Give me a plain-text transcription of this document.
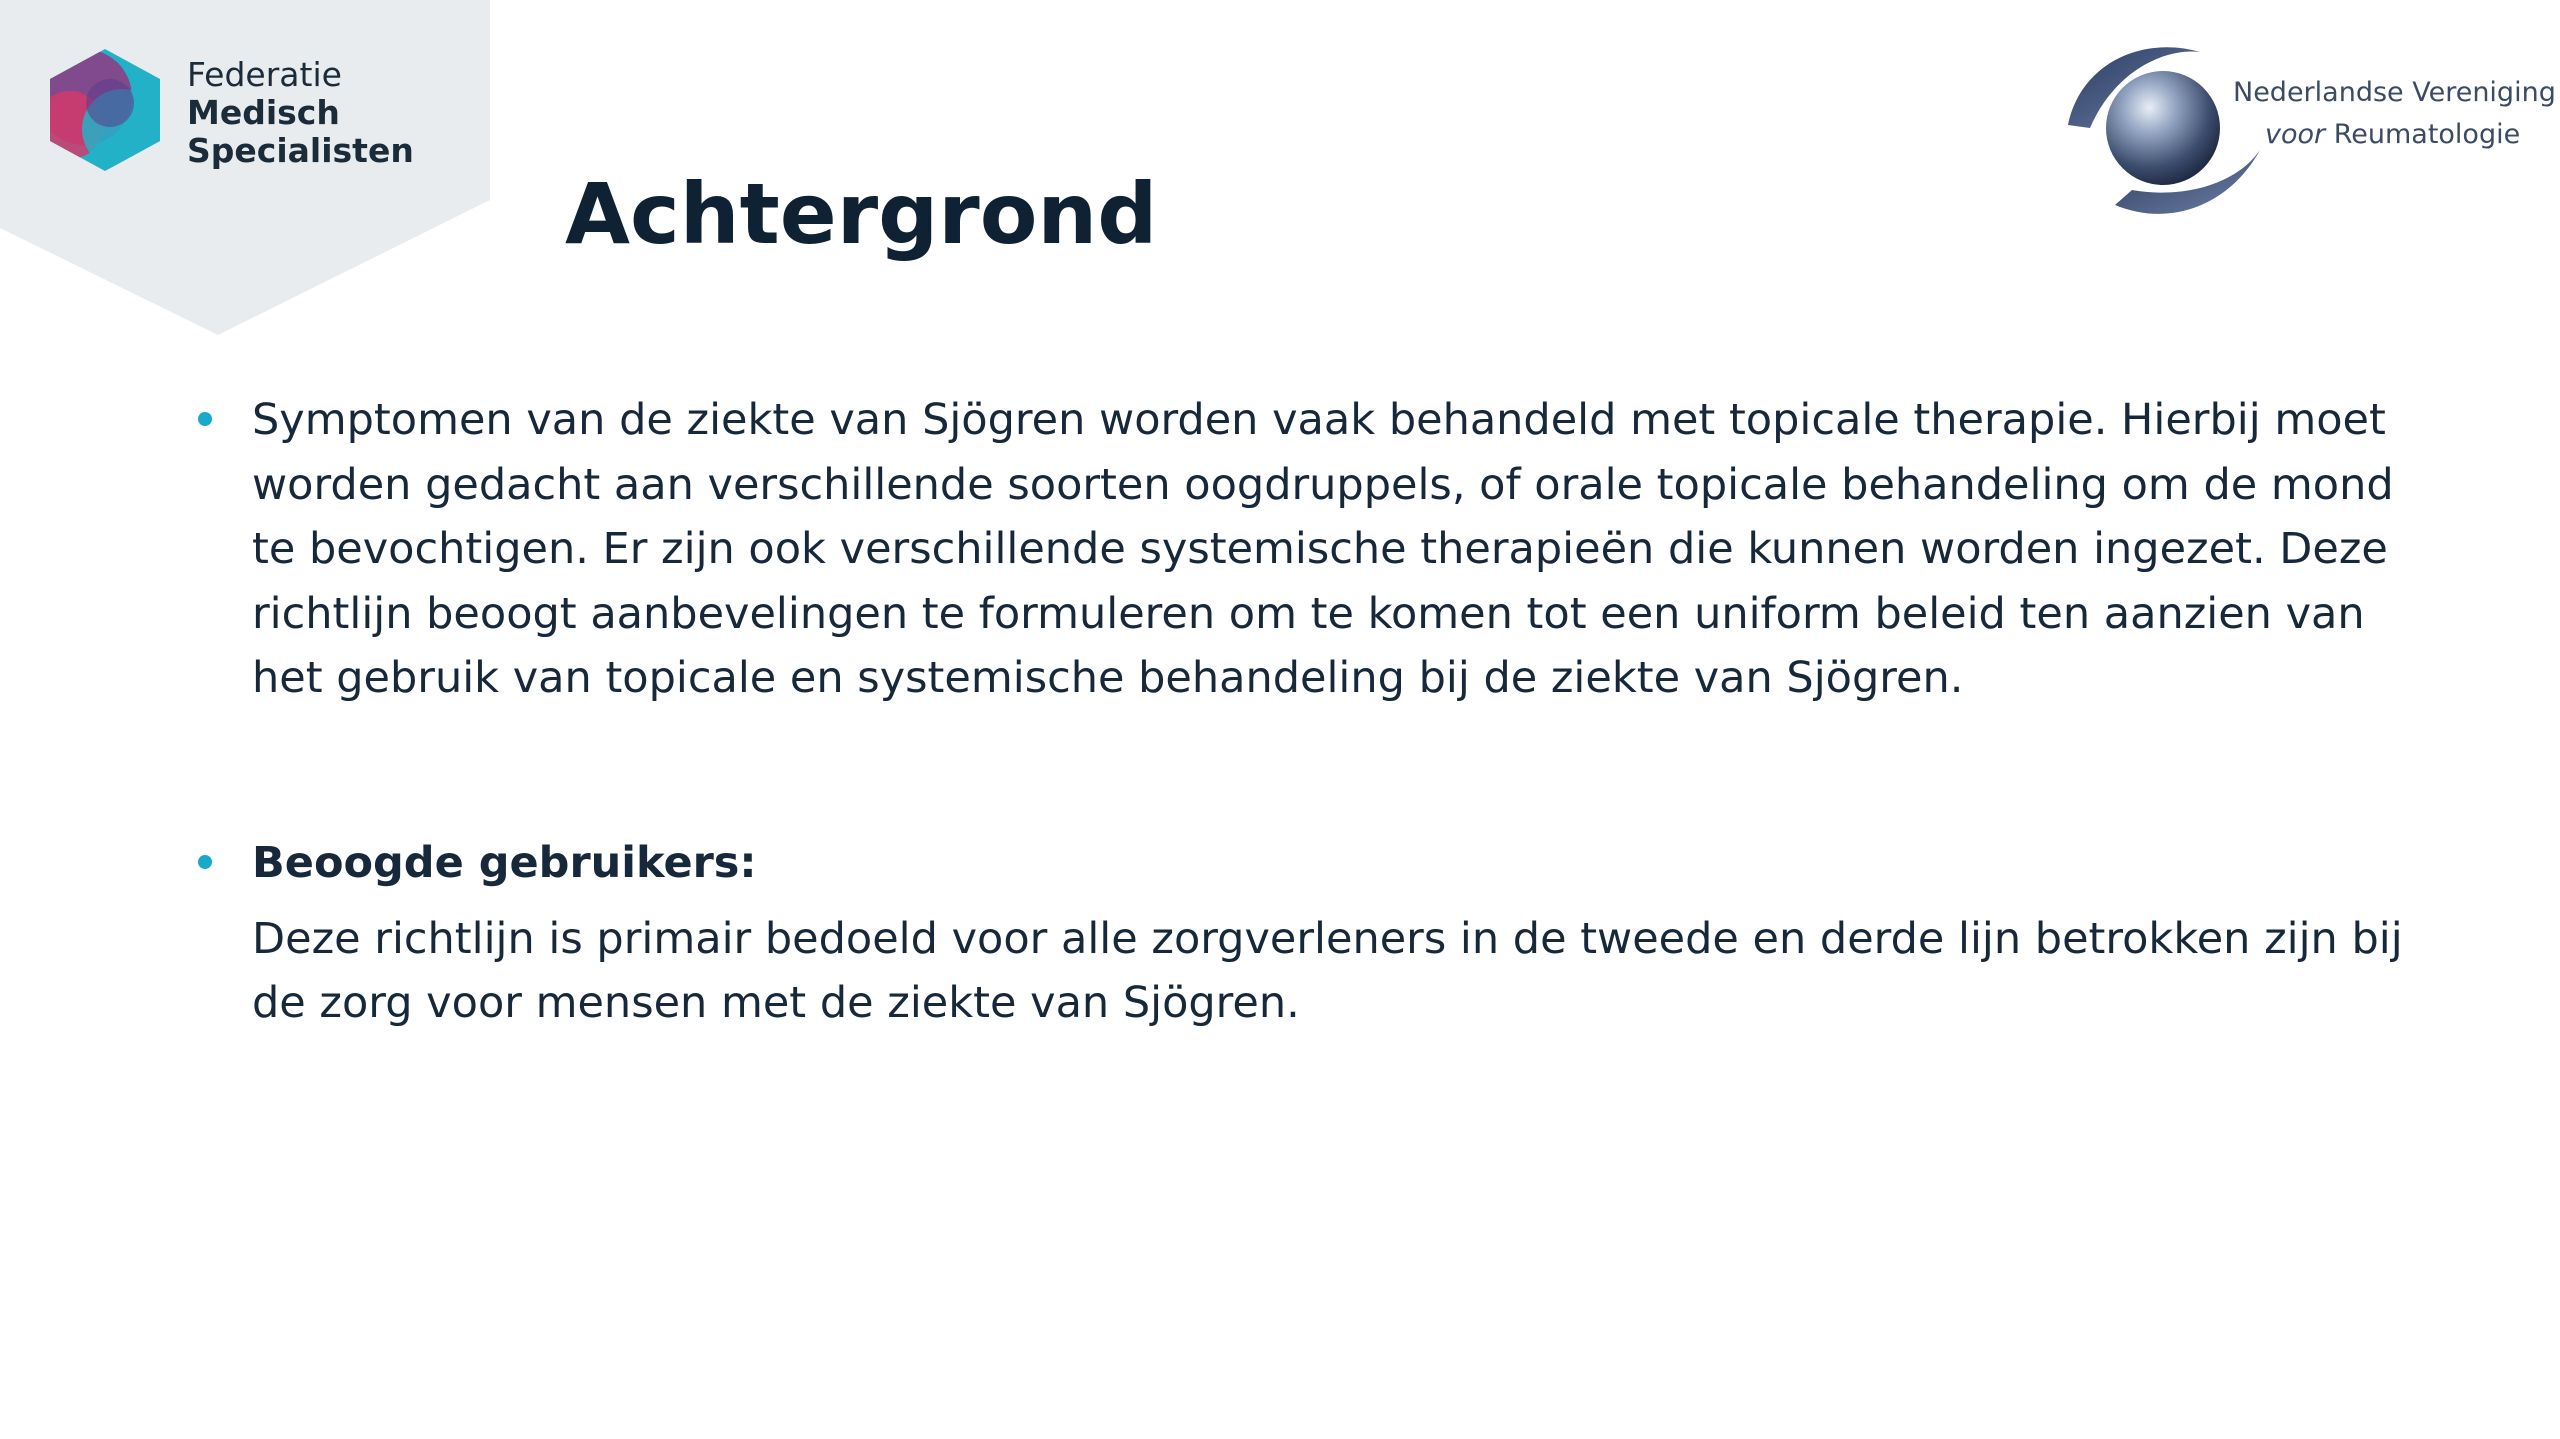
Federatie
Medisch
Specialisten
Nederlandse Vereniging
voor Reumatologie
Achtergrond

Symptomen van de ziekte van Sjögren worden vaak behandeld met topicale therapie. Hierbij moet worden gedacht aan verschillende soorten oogdruppels, of orale topicale behandeling om de mond te bevochtigen. Er zijn ook verschillende systemische therapieën die kunnen worden ingezet. Deze richtlijn beoogt aanbevelingen te formuleren om te komen tot een uniform beleid ten aanzien van het gebruik van topicale en systemische behandeling bij de ziekte van Sjögren.

Beoogde gebruikers:

Deze richtlijn is primair bedoeld voor alle zorgverleners in de tweede en derde lijn betrokken zijn bij de zorg voor mensen met de ziekte van Sjögren.
